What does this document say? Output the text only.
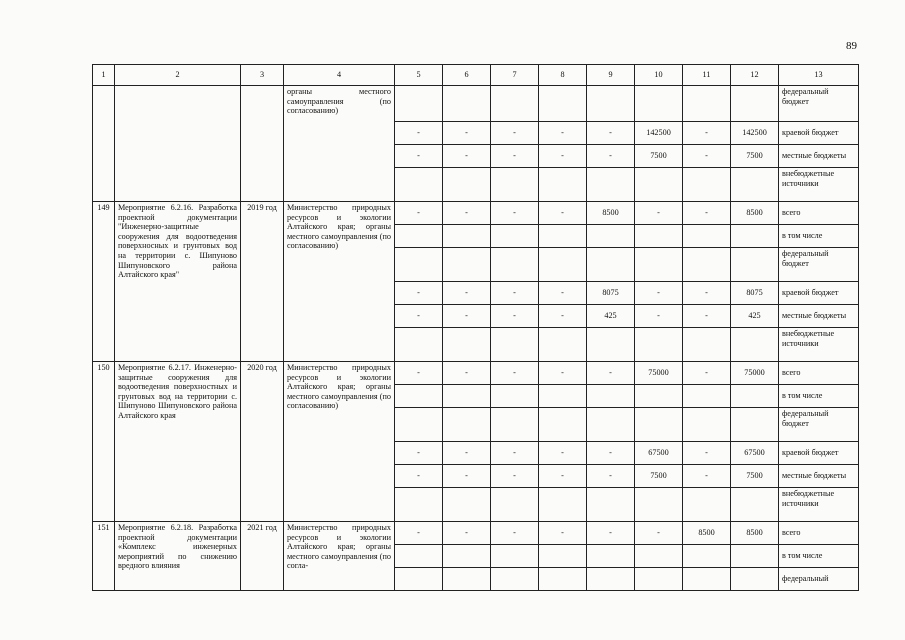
89
1	2	3	4	5	6	7	8	9	10	11	12	13
			органы местного самоуправления (по согласованию)									федеральный бюджет
				-	-	-	-	-	142500	-	142500	краевой бюджет
				-	-	-	-	-	7500	-	7500	местные бюджеты
												внебюджетные источники
149	Мероприятие 6.2.16. Разработка проектной документации "Инженерно-защитные сооружения для водоотведения поверхносных и грунтовых вод на территории с. Шипуново Шипуновского района Алтайского края"	2019 год	Министерство природных ресурсов и экологии Алтайского края; органы местного самоуправления (по согласованию)	-	-	-	-	8500	-	-	8500	всего
												в том числе
												федеральный бюджет
				-	-	-	-	8075	-	-	8075	краевой бюджет
				-	-	-	-	425	-	-	425	местные бюджеты
												внебюджетные источники
150	Мероприятие 6.2.17. Инженерно-защитные сооружения для водоотведения поверхностных и грунтовых вод на территории с. Шипуново Шипуновского района Алтайского края	2020 год	Министерство природных ресурсов и экологии Алтайского края; органы местного самоуправления (по согласованию)	-	-	-	-	-	75000	-	75000	всего
												в том числе
												федеральный бюджет
				-	-	-	-	-	67500	-	67500	краевой бюджет
				-	-	-	-	-	7500	-	7500	местные бюджеты
												внебюджетные источники
151	Мероприятие 6.2.18. Разработка проектной документации «Комплекс инженерных мероприятий по снижению вредного влияния	2021 год	Министерство природных ресурсов и экологии Алтайского края; органы местного самоуправления (по согла-	-	-	-	-	-	-	8500	8500	всего
												в том числе
												федеральный
